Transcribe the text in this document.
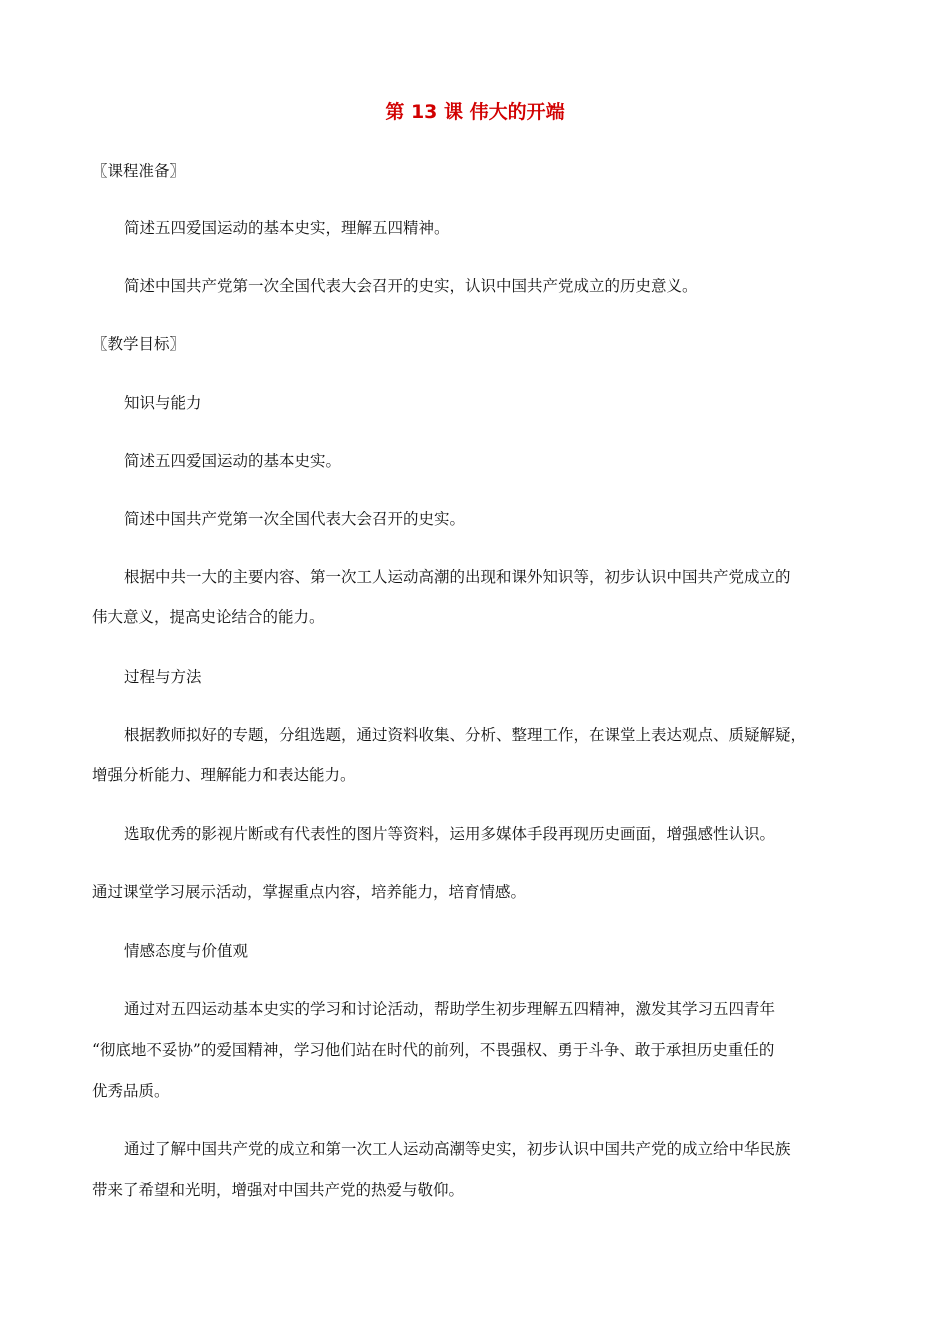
第 13 课 伟大的开端
〖课程准备〗
简述五四爱国运动的基本史实，理解五四精神。
简述中国共产党第一次全国代表大会召开的史实，认识中国共产党成立的历史意义。
〖教学目标〗
知识与能力
简述五四爱国运动的基本史实。
简述中国共产党第一次全国代表大会召开的史实。
根据中共一大的主要内容、第一次工人运动高潮的出现和课外知识等，初步认识中国共产党成立的
伟大意义，提高史论结合的能力。
过程与方法
根据教师拟好的专题，分组选题，通过资料收集、分析、整理工作，在课堂上表达观点、质疑解疑，
增强分析能力、理解能力和表达能力。
选取优秀的影视片断或有代表性的图片等资料，运用多媒体手段再现历史画面，增强感性认识。
通过课堂学习展示活动，掌握重点内容，培养能力，培育情感。
情感态度与价值观
通过对五四运动基本史实的学习和讨论活动，帮助学生初步理解五四精神，激发其学习五四青年
“彻底地不妥协”的爱国精神，学习他们站在时代的前列，不畏强权、勇于斗争、敢于承担历史重任的
优秀品质。
通过了解中国共产党的成立和第一次工人运动高潮等史实，初步认识中国共产党的成立给中华民族
带来了希望和光明，增强对中国共产党的热爱与敬仰。
